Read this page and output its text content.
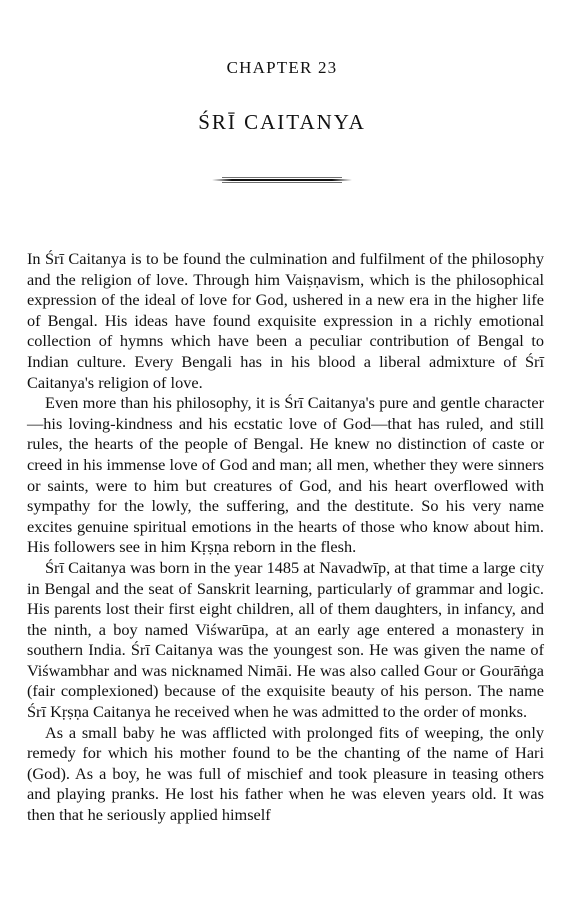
CHAPTER 23
ŚRĪ CAITANYA

In Śrī Caitanya is to be found the culmination and fulfilment of the philosophy and the religion of love. Through him Vaiṣṇavism, which is the philosophical expression of the ideal of love for God, ushered in a new era in the higher life of Bengal. His ideas have found exquisite expression in a richly emotional collection of hymns which have been a peculiar contribution of Bengal to Indian culture. Every Bengali has in his blood a liberal admixture of Śrī Caitanya's religion of love.

Even more than his philosophy, it is Śrī Caitanya's pure and gentle character—his loving-kindness and his ecstatic love of God—that has ruled, and still rules, the hearts of the people of Bengal. He knew no distinction of caste or creed in his immense love of God and man; all men, whether they were sinners or saints, were to him but creatures of God, and his heart overflowed with sympathy for the lowly, the suffering, and the destitute. So his very name excites genuine spiritual emotions in the hearts of those who know about him. His followers see in him Kṛṣṇa reborn in the flesh.

Śrī Caitanya was born in the year 1485 at Navadwīp, at that time a large city in Bengal and the seat of Sanskrit learning, particularly of grammar and logic. His parents lost their first eight children, all of them daughters, in infancy, and the ninth, a boy named Viśwarūpa, at an early age entered a monastery in southern India. Śrī Caitanya was the youngest son. He was given the name of Viśwambhar and was nicknamed Nimāi. He was also called Gour or Gourāṅga (fair complexioned) because of the exquisite beauty of his person. The name Śrī Kṛṣṇa Caitanya he received when he was admitted to the order of monks.

As a small baby he was afflicted with prolonged fits of weeping, the only remedy for which his mother found to be the chanting of the name of Hari (God). As a boy, he was full of mischief and took pleasure in teasing others and playing pranks. He lost his father when he was eleven years old. It was then that he seriously applied himself
